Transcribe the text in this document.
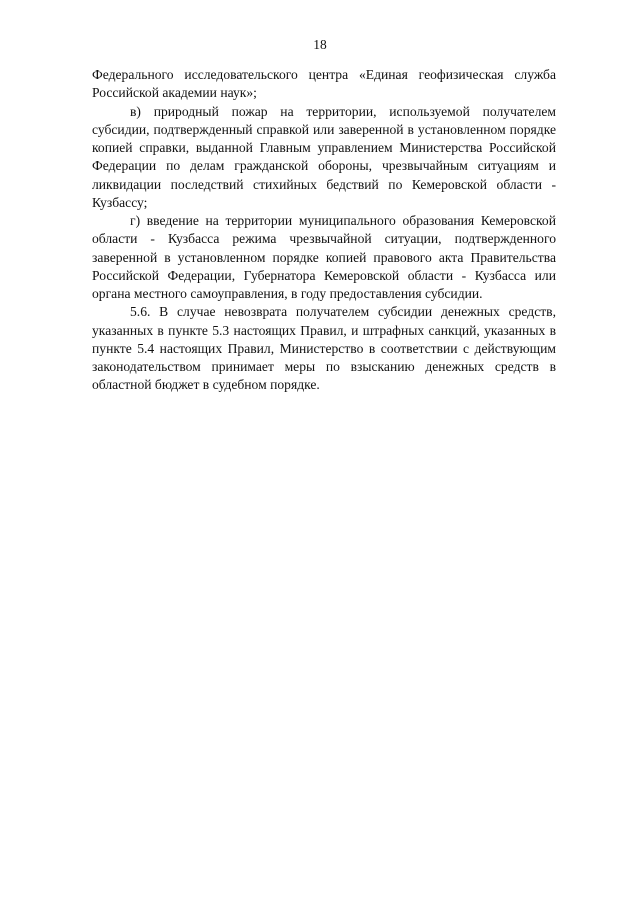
18

Федерального исследовательского центра «Единая геофизическая служба Российской академии наук»;

в) природный пожар на территории, используемой получателем субсидии, подтвержденный справкой или заверенной в установленном порядке копией справки, выданной Главным управлением Министерства Российской Федерации по делам гражданской обороны, чрезвычайным ситуациям и ликвидации последствий стихийных бедствий по Кемеровской области - Кузбассу;

г) введение на территории муниципального образования Кемеровской области - Кузбасса режима чрезвычайной ситуации, подтвержденного заверенной в установленном порядке копией правового акта Правительства Российской Федерации, Губернатора Кемеровской области - Кузбасса или органа местного самоуправления, в году предоставления субсидии.

5.6. В случае невозврата получателем субсидии денежных средств, указанных в пункте 5.3 настоящих Правил, и штрафных санкций, указанных в пункте 5.4 настоящих Правил, Министерство в соответствии с действующим законодательством принимает меры по взысканию денежных средств в областной бюджет в судебном порядке.
